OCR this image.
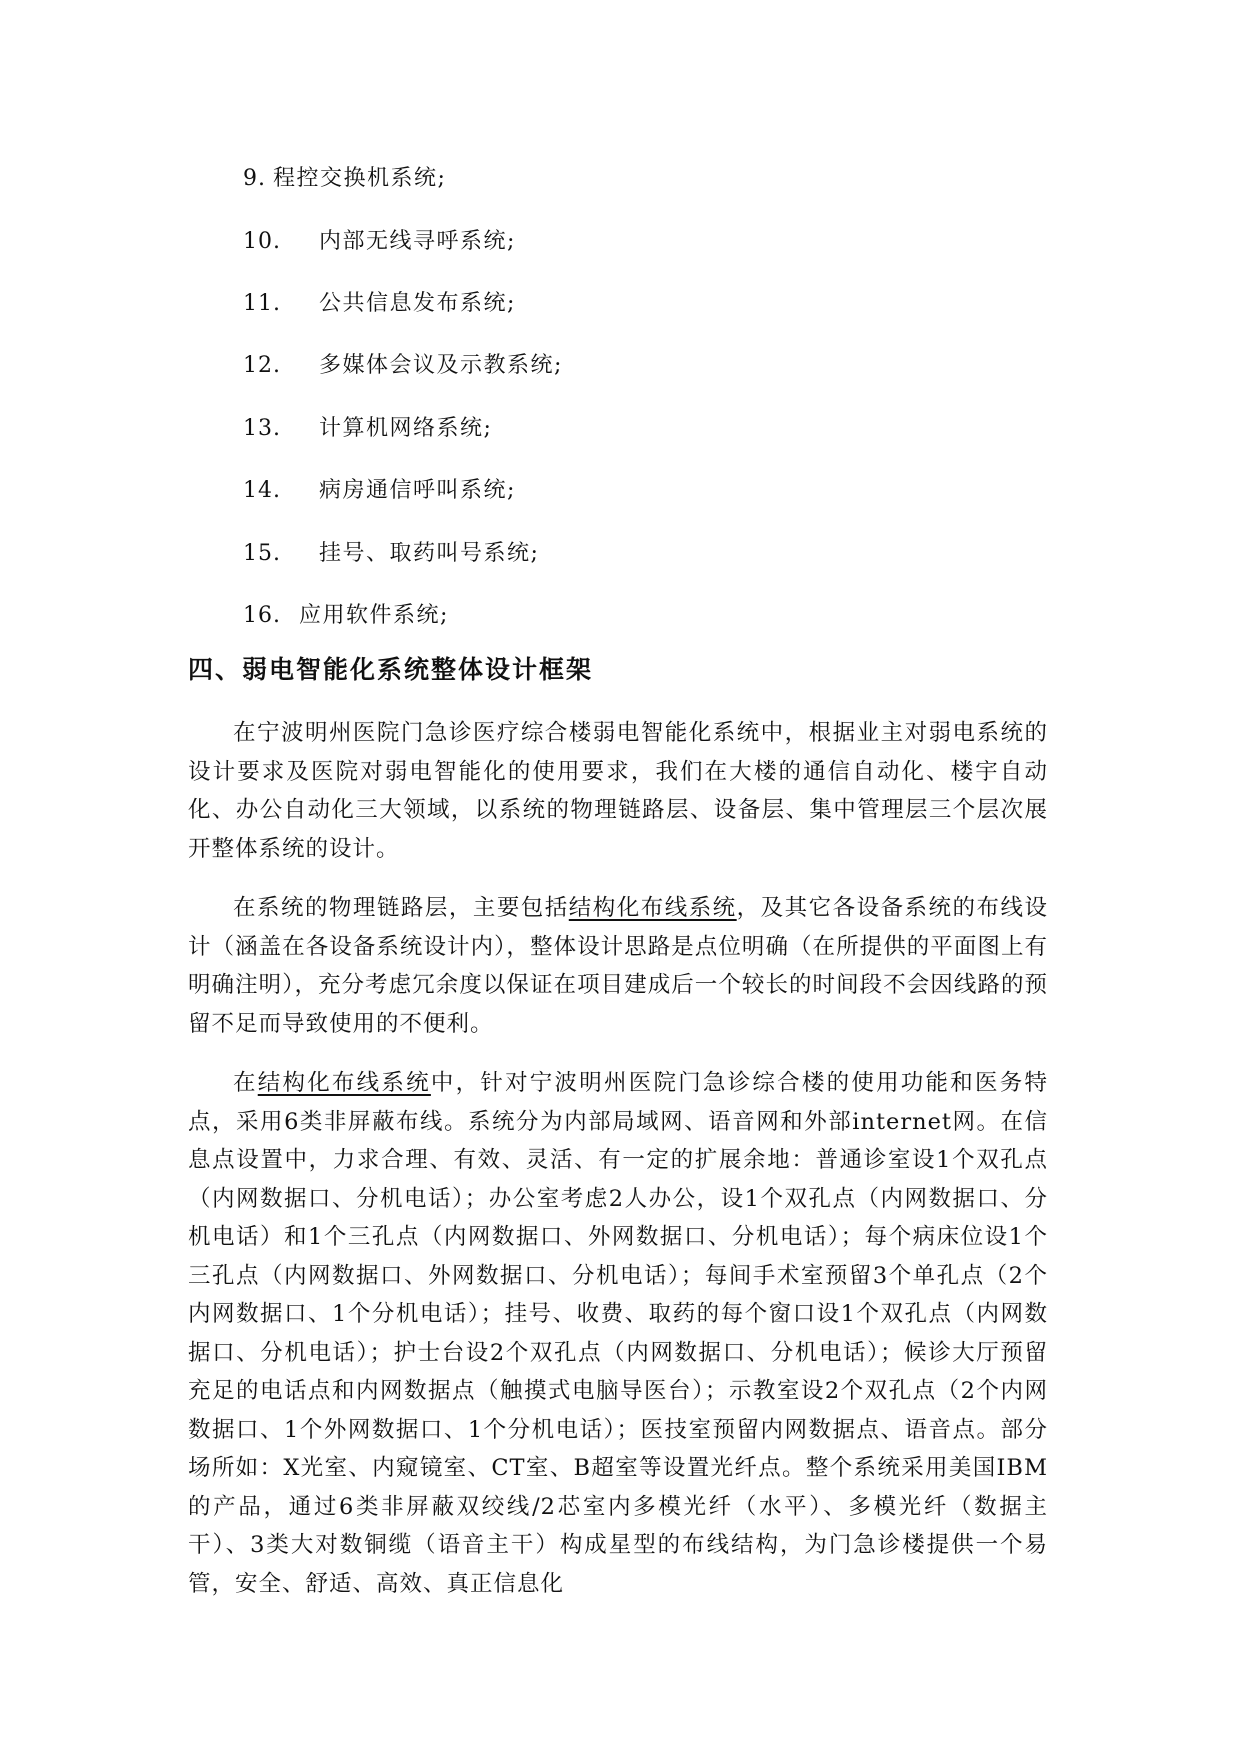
9. 程控交换机系统;
10.	内部无线寻呼系统;
11.	公共信息发布系统;
12.	多媒体会议及示教系统;
13.	计算机网络系统;
14.	病房通信呼叫系统;
15.	挂号、取药叫号系统;
16. 应用软件系统;
四、弱电智能化系统整体设计框架

在宁波明州医院门急诊医疗综合楼弱电智能化系统中，根据业主对弱电系统的设计要求及医院对弱电智能化的使用要求，我们在大楼的通信自动化、楼宇自动化、办公自动化三大领域，以系统的物理链路层、设备层、集中管理层三个层次展开整体系统的设计。

在系统的物理链路层，主要包括结构化布线系统，及其它各设备系统的布线设计（涵盖在各设备系统设计内），整体设计思路是点位明确（在所提供的平面图上有明确注明），充分考虑冗余度以保证在项目建成后一个较长的时间段不会因线路的预留不足而导致使用的不便利。

在结构化布线系统中，针对宁波明州医院门急诊综合楼的使用功能和医务特点，采用6类非屏蔽布线。系统分为内部局域网、语音网和外部internet网。在信息点设置中，力求合理、有效、灵活、有一定的扩展余地：普通诊室设1个双孔点（内网数据口、分机电话）；办公室考虑2人办公，设1个双孔点（内网数据口、分机电话）和1个三孔点（内网数据口、外网数据口、分机电话）；每个病床位设1个三孔点（内网数据口、外网数据口、分机电话）；每间手术室预留3个单孔点（2个内网数据口、1个分机电话）；挂号、收费、取药的每个窗口设1个双孔点（内网数据口、分机电话）；护士台设2个双孔点（内网数据口、分机电话）；候诊大厅预留充足的电话点和内网数据点（触摸式电脑导医台）；示教室设2个双孔点（2个内网数据口、1个外网数据口、1个分机电话）；医技室预留内网数据点、语音点。部分场所如：X光室、内窥镜室、CT室、B超室等设置光纤点。整个系统采用美国IBM的产品，通过6类非屏蔽双绞线/2芯室内多模光纤（水平）、多模光纤（数据主干）、3类大对数铜缆（语音主干）构成星型的布线结构，为门急诊楼提供一个易管，安全、舒适、高效、真正信息化
